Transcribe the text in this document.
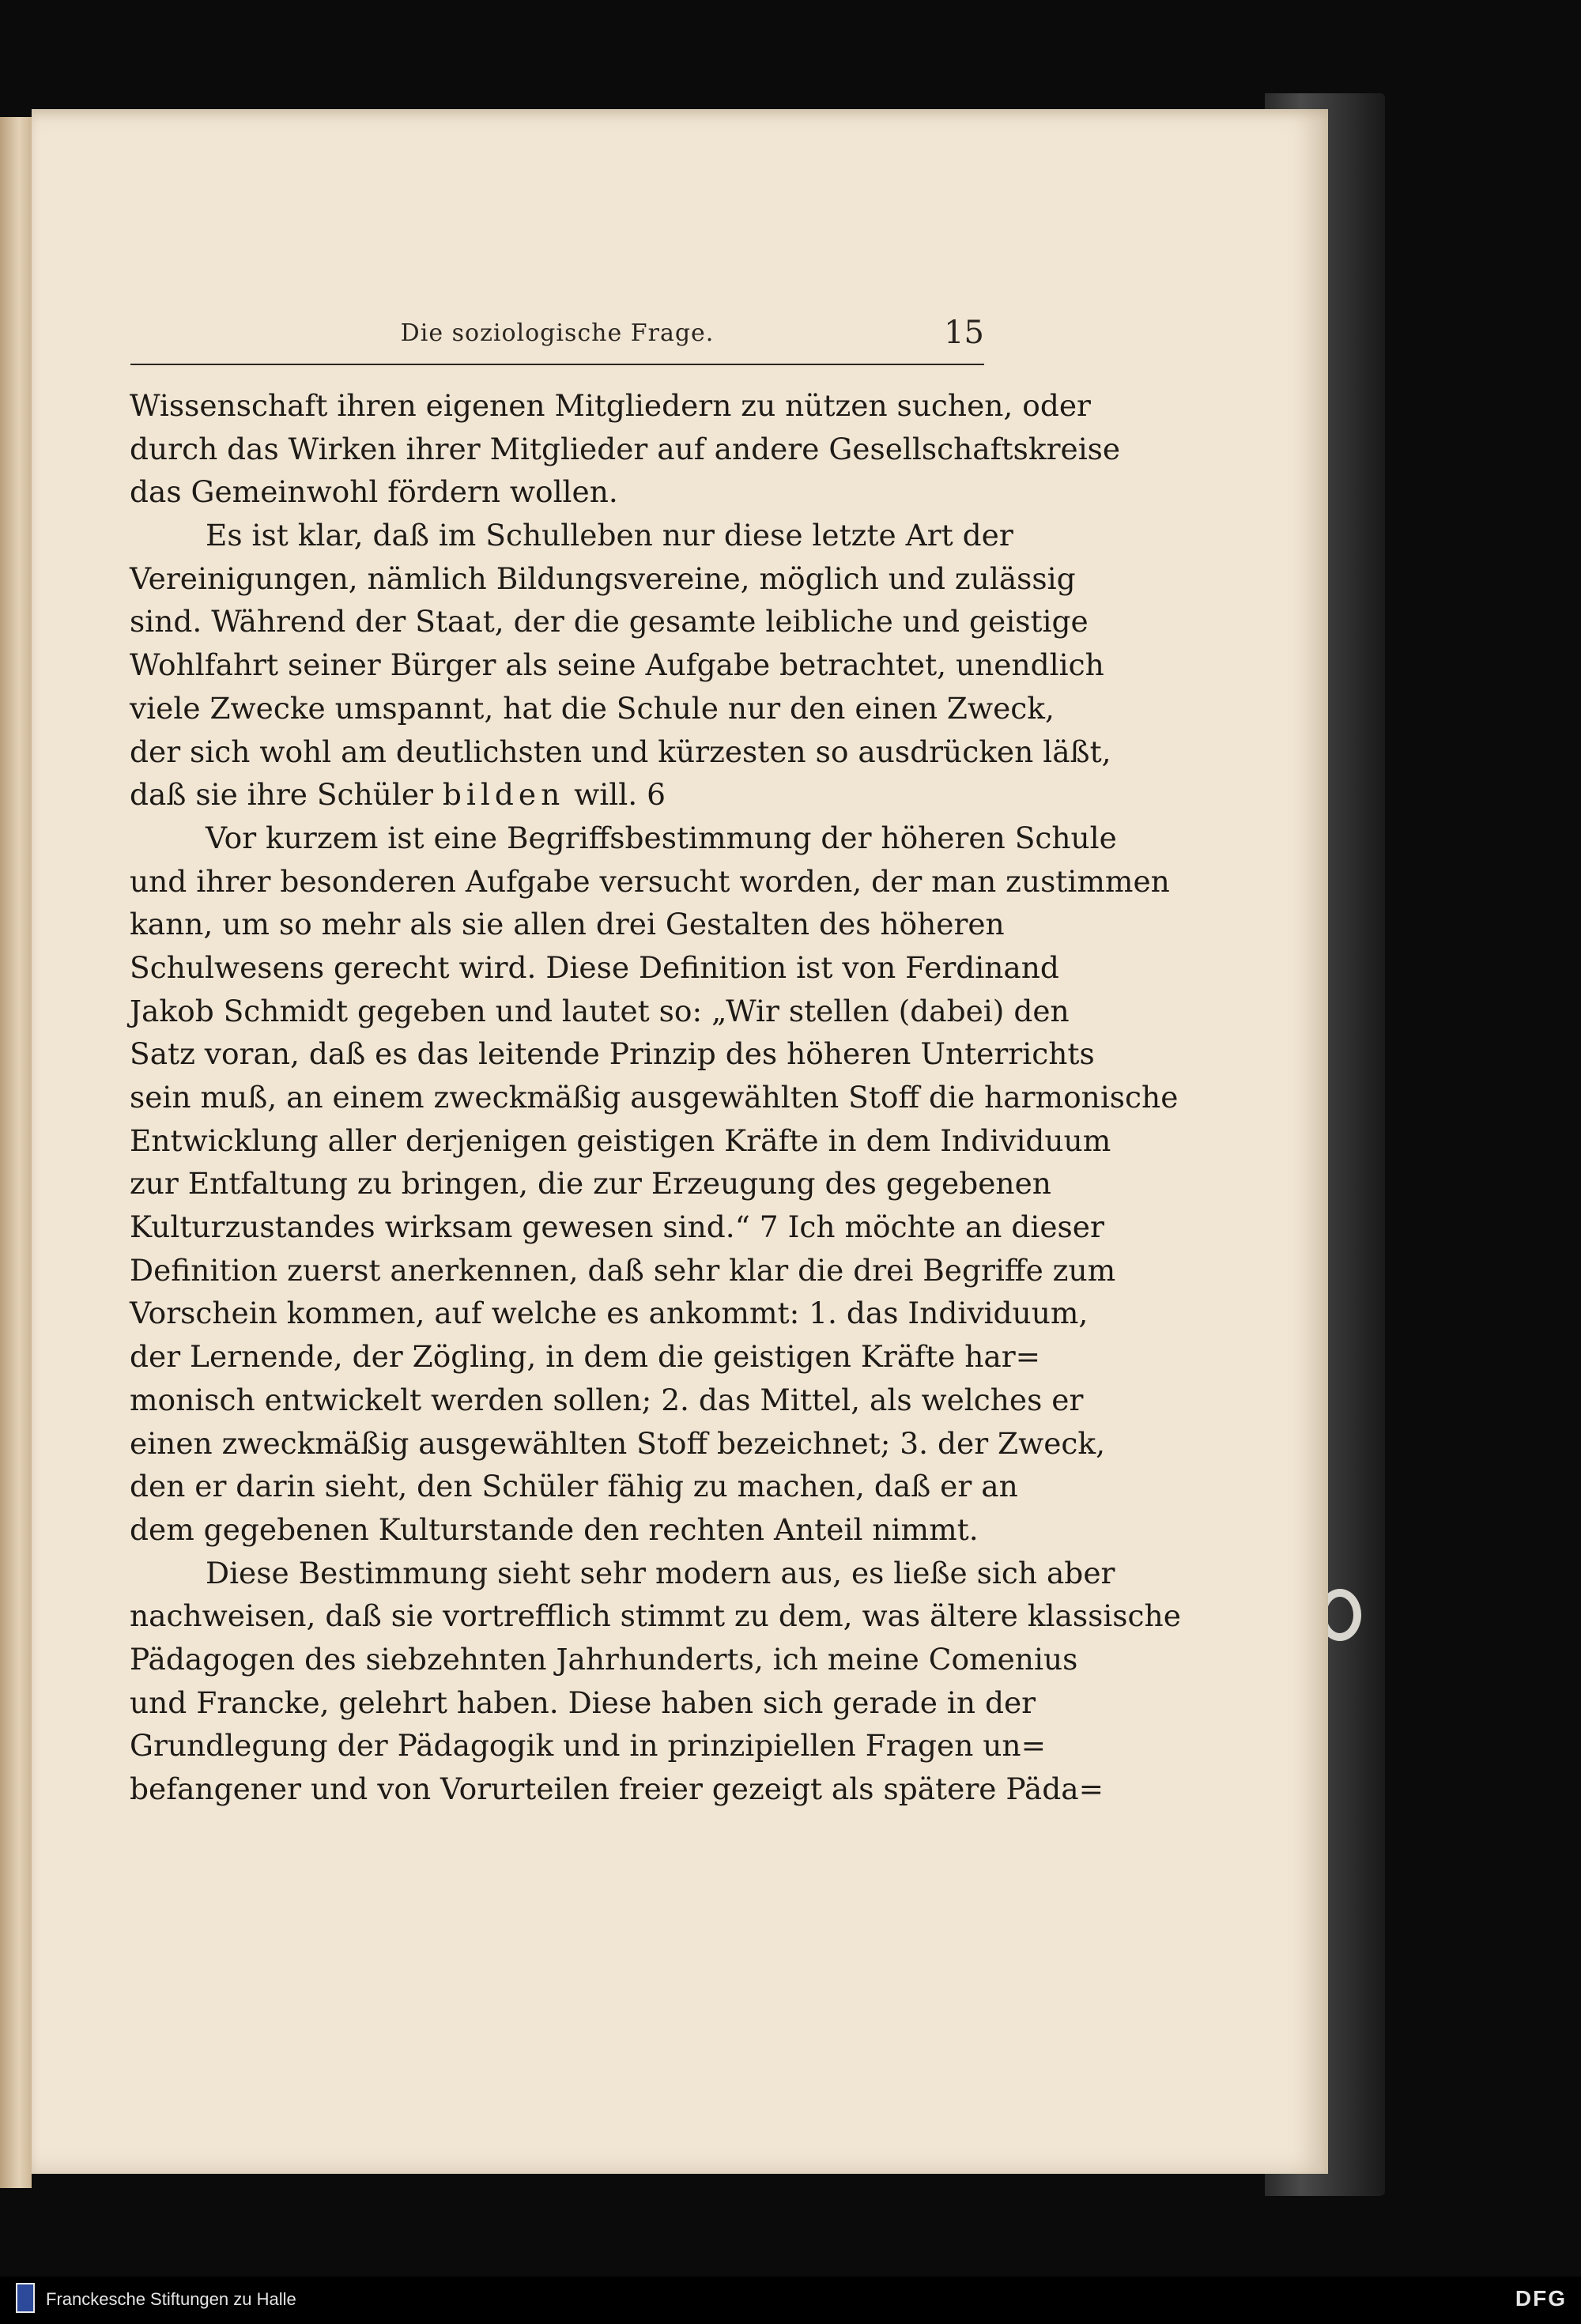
Die soziologische Frage.	15
Wissenschaft ihren eigenen Mitgliedern zu nützen suchen, oder
durch das Wirken ihrer Mitglieder auf andere Gesellschaftskreise
das Gemeinwohl fördern wollen.
Es ist klar, daß im Schulleben nur diese letzte Art der
Vereinigungen, nämlich Bildungsvereine, möglich und zulässig
sind. Während der Staat, der die gesamte leibliche und geistige
Wohlfahrt seiner Bürger als seine Aufgabe betrachtet, unendlich
viele Zwecke umspannt, hat die Schule nur den einen Zweck,
der sich wohl am deutlichsten und kürzesten so ausdrücken läßt,
daß sie ihre Schüler bilden will. 6
Vor kurzem ist eine Begriffsbestimmung der höheren Schule
und ihrer besonderen Aufgabe versucht worden, der man zustimmen
kann, um so mehr als sie allen drei Gestalten des höheren
Schulwesens gerecht wird. Diese Definition ist von Ferdinand
Jakob Schmidt gegeben und lautet so: „Wir stellen (dabei) den
Satz voran, daß es das leitende Prinzip des höheren Unterrichts
sein muß, an einem zweckmäßig ausgewählten Stoff die harmonische
Entwicklung aller derjenigen geistigen Kräfte in dem Individuum
zur Entfaltung zu bringen, die zur Erzeugung des gegebenen
Kulturzustandes wirksam gewesen sind.“ 7 Ich möchte an dieser
Definition zuerst anerkennen, daß sehr klar die drei Begriffe zum
Vorschein kommen, auf welche es ankommt: 1. das Individuum,
der Lernende, der Zögling, in dem die geistigen Kräfte har=
monisch entwickelt werden sollen; 2. das Mittel, als welches er
einen zweckmäßig ausgewählten Stoff bezeichnet; 3. der Zweck,
den er darin sieht, den Schüler fähig zu machen, daß er an
dem gegebenen Kulturstande den rechten Anteil nimmt.
Diese Bestimmung sieht sehr modern aus, es ließe sich aber
nachweisen, daß sie vortrefflich stimmt zu dem, was ältere klassische
Pädagogen des siebzehnten Jahrhunderts, ich meine Comenius
und Francke, gelehrt haben. Diese haben sich gerade in der
Grundlegung der Pädagogik und in prinzipiellen Fragen un=
befangener und von Vorurteilen freier gezeigt als spätere Päda=
Franckesche Stiftungen zu Halle	DFG
